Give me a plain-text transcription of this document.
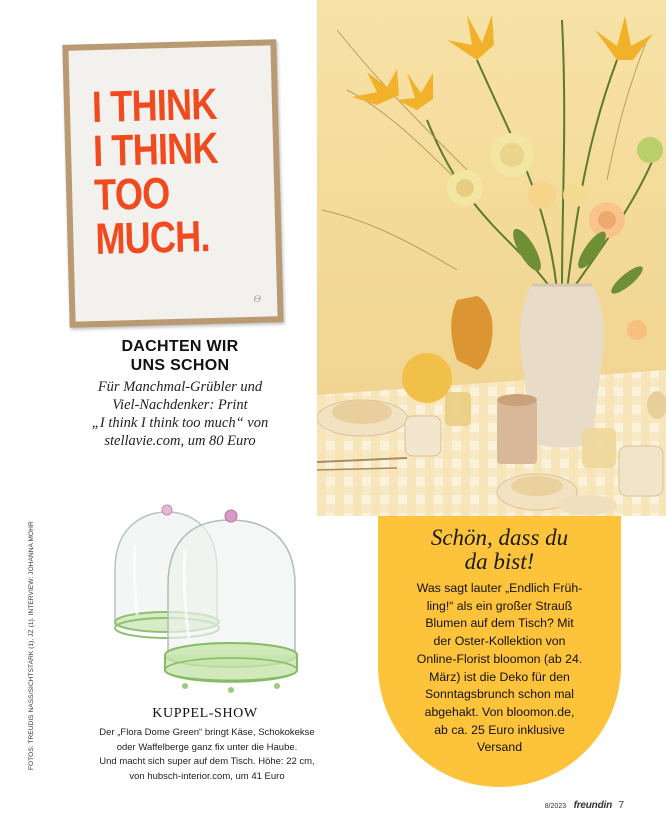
I THINK
I THINK
TOO
MUCH.
Ɵ
DACHTEN WIR
UNS SCHON
Für Manchmal-Grübler und
Viel-Nachdenker: Print
„I think I think too much“ von
stellavie.com, um 80 Euro
KUPPEL-SHOW
Der „Flora Dome Green“ bringt Käse, Schokokekse
oder Waffelberge ganz fix unter die Haube.
Und macht sich super auf dem Tisch. Höhe: 22 cm,
von hubsch-interior.com, um 41 Euro
FOTOS: TREUDIS NASS/SICHTSTARK (1), JZ (1). INTERVIEW: JOHANNA MOHR	Schön, dass du
da bist!
Was sagt lauter „Endlich Früh-
ling!“ als ein großer Strauß
Blumen auf dem Tisch? Mit
der Oster-Kollektion von
Online-Florist bloomon (ab 24.
März) ist die Deko für den
Sonntagsbrunch schon mal
abgehakt. Von bloomon.de,
ab ca. 25 Euro inklusive
Versand
8/2023 freundin 7
